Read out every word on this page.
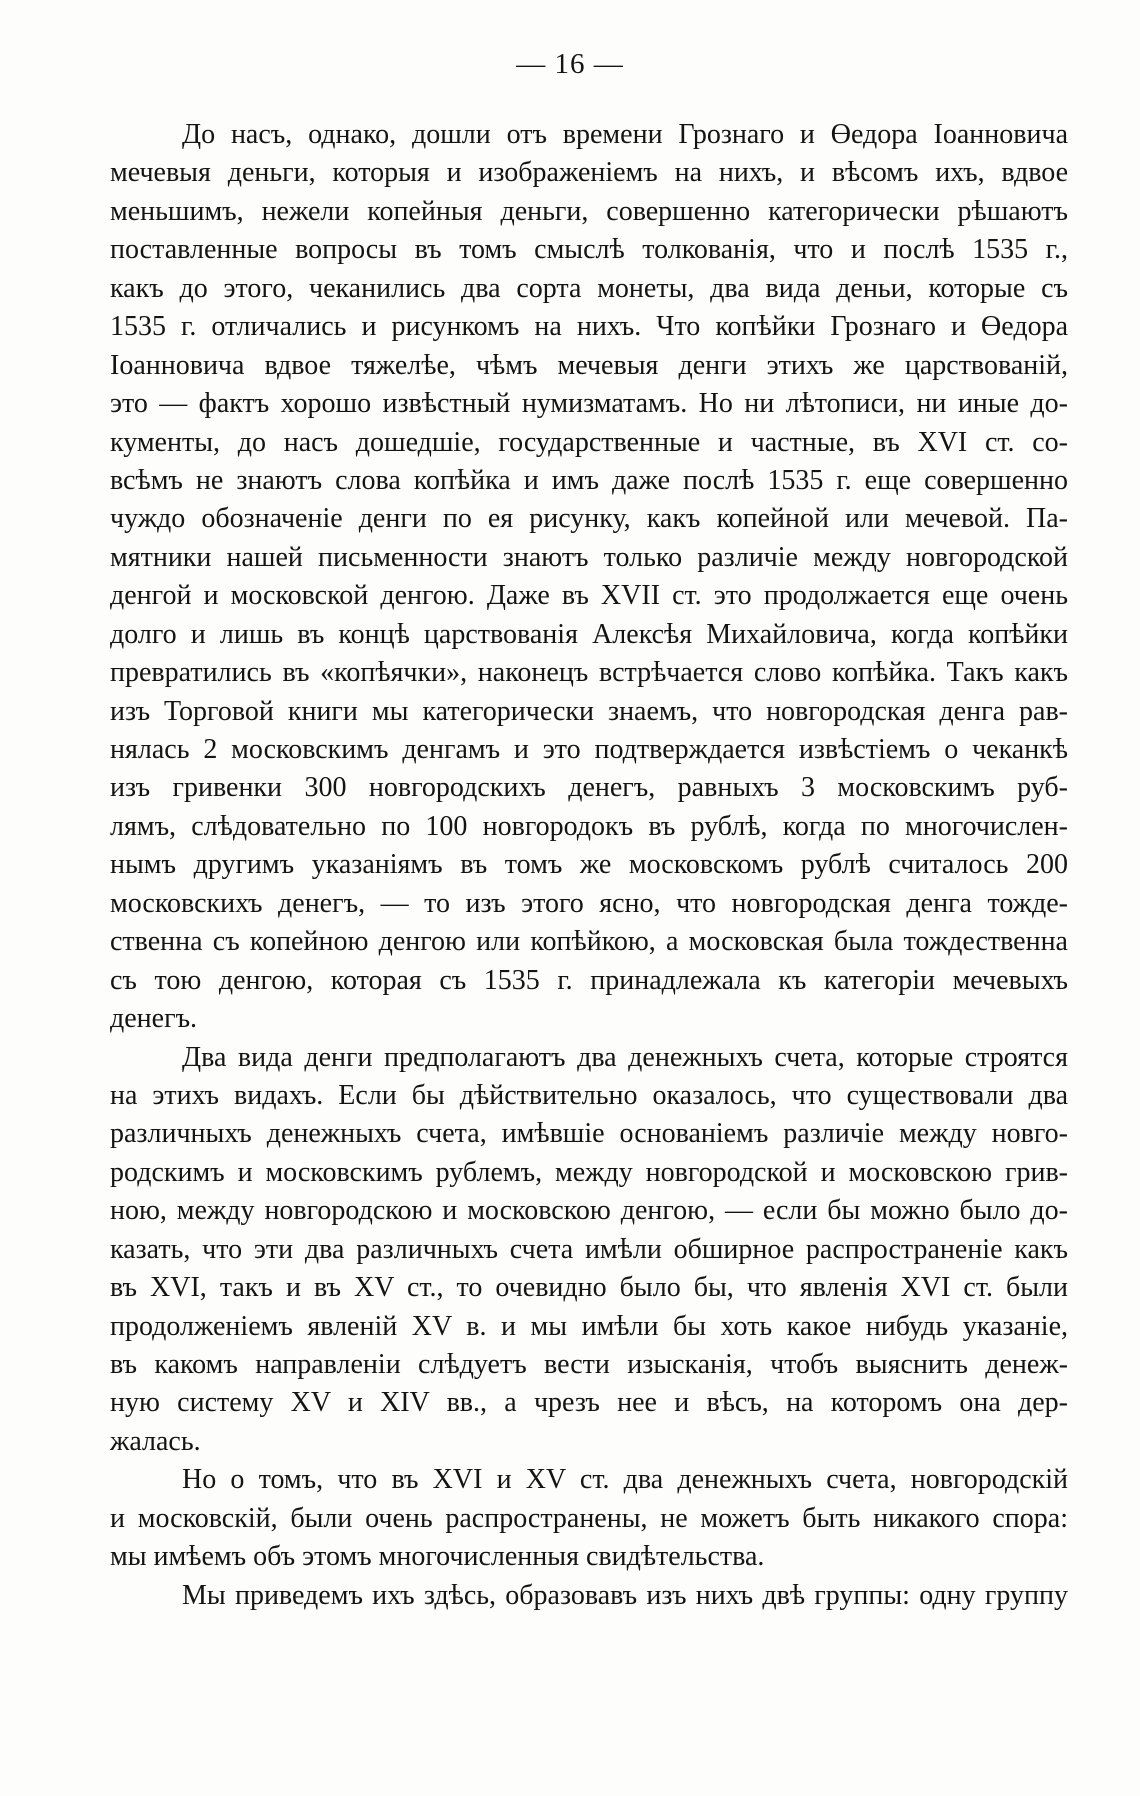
— 16 —
До насъ, однако, дошли отъ времени Грознаго и Өедора Іоанновича
мечевыя деньги, которыя и изображеніемъ на нихъ, и вѣсомъ ихъ, вдвое
меньшимъ, нежели копейныя деньги, совершенно категорически рѣшаютъ
поставленные вопросы въ томъ смыслѣ толкованія, что и послѣ 1535 г.,
какъ до этого, чеканились два сорта монеты, два вида деньи, которые съ
1535 г. отличались и рисункомъ на нихъ. Что копѣйки Грознаго и Өедора
Іоанновича вдвое тяжелѣе, чѣмъ мечевыя денги этихъ же царствованій,
это — фактъ хорошо извѣстный нумизматамъ. Но ни лѣтописи, ни иные до-
кументы, до насъ дошедшіе, государственные и частные, въ XVI ст. со-
всѣмъ не знаютъ слова копѣйка и имъ даже послѣ 1535 г. еще совершенно
чуждо обозначеніе денги по ея рисунку, какъ копейной или мечевой. Па-
мятники нашей письменности знаютъ только различіе между новгородской
денгой и московской денгою. Даже въ XVII ст. это продолжается еще очень
долго и лишь въ концѣ царствованія Алексѣя Михайловича, когда копѣйки
превратились въ «копѣячки», наконецъ встрѣчается слово копѣйка. Такъ какъ
изъ Торговой книги мы категорически знаемъ, что новгородская денга рав-
нялась 2 московскимъ денгамъ и это подтверждается извѣстіемъ о чеканкѣ
изъ гривенки 300 новгородскихъ денегъ, равныхъ 3 московскимъ руб-
лямъ, слѣдовательно по 100 новгородокъ въ рублѣ, когда по многочислен-
нымъ другимъ указаніямъ въ томъ же московскомъ рублѣ считалось 200
московскихъ денегъ, — то изъ этого ясно, что новгородская денга тожде-
ственна съ копейною денгою или копѣйкою, а московская была тождественна
съ тою денгою, которая съ 1535 г. принадлежала къ категоріи мечевыхъ
денегъ.
Два вида денги предполагаютъ два денежныхъ счета, которые строятся
на этихъ видахъ. Если бы дѣйствительно оказалось, что существовали два
различныхъ денежныхъ счета, имѣвшіе основаніемъ различіе между новго-
родскимъ и московскимъ рублемъ, между новгородской и московскою грив-
ною, между новгородскою и московскою денгою, — если бы можно было до-
казать, что эти два различныхъ счета имѣли обширное распространеніе какъ
въ XVI, такъ и въ XV ст., то очевидно было бы, что явленія XVI ст. были
продолженіемъ явленій XV в. и мы имѣли бы хоть какое нибудь указаніе,
въ какомъ направленіи слѣдуетъ вести изысканія, чтобъ выяснить денеж-
ную систему XV и XIV вв., а чрезъ нее и вѣсъ, на которомъ она дер-
жалась.
Но о томъ, что въ XVI и XV ст. два денежныхъ счета, новгородскій
и московскій, были очень распространены, не можетъ быть никакого спора:
мы имѣемъ объ этомъ многочисленныя свидѣтельства.
Мы приведемъ ихъ здѣсь, образовавъ изъ нихъ двѣ группы: одну группу
